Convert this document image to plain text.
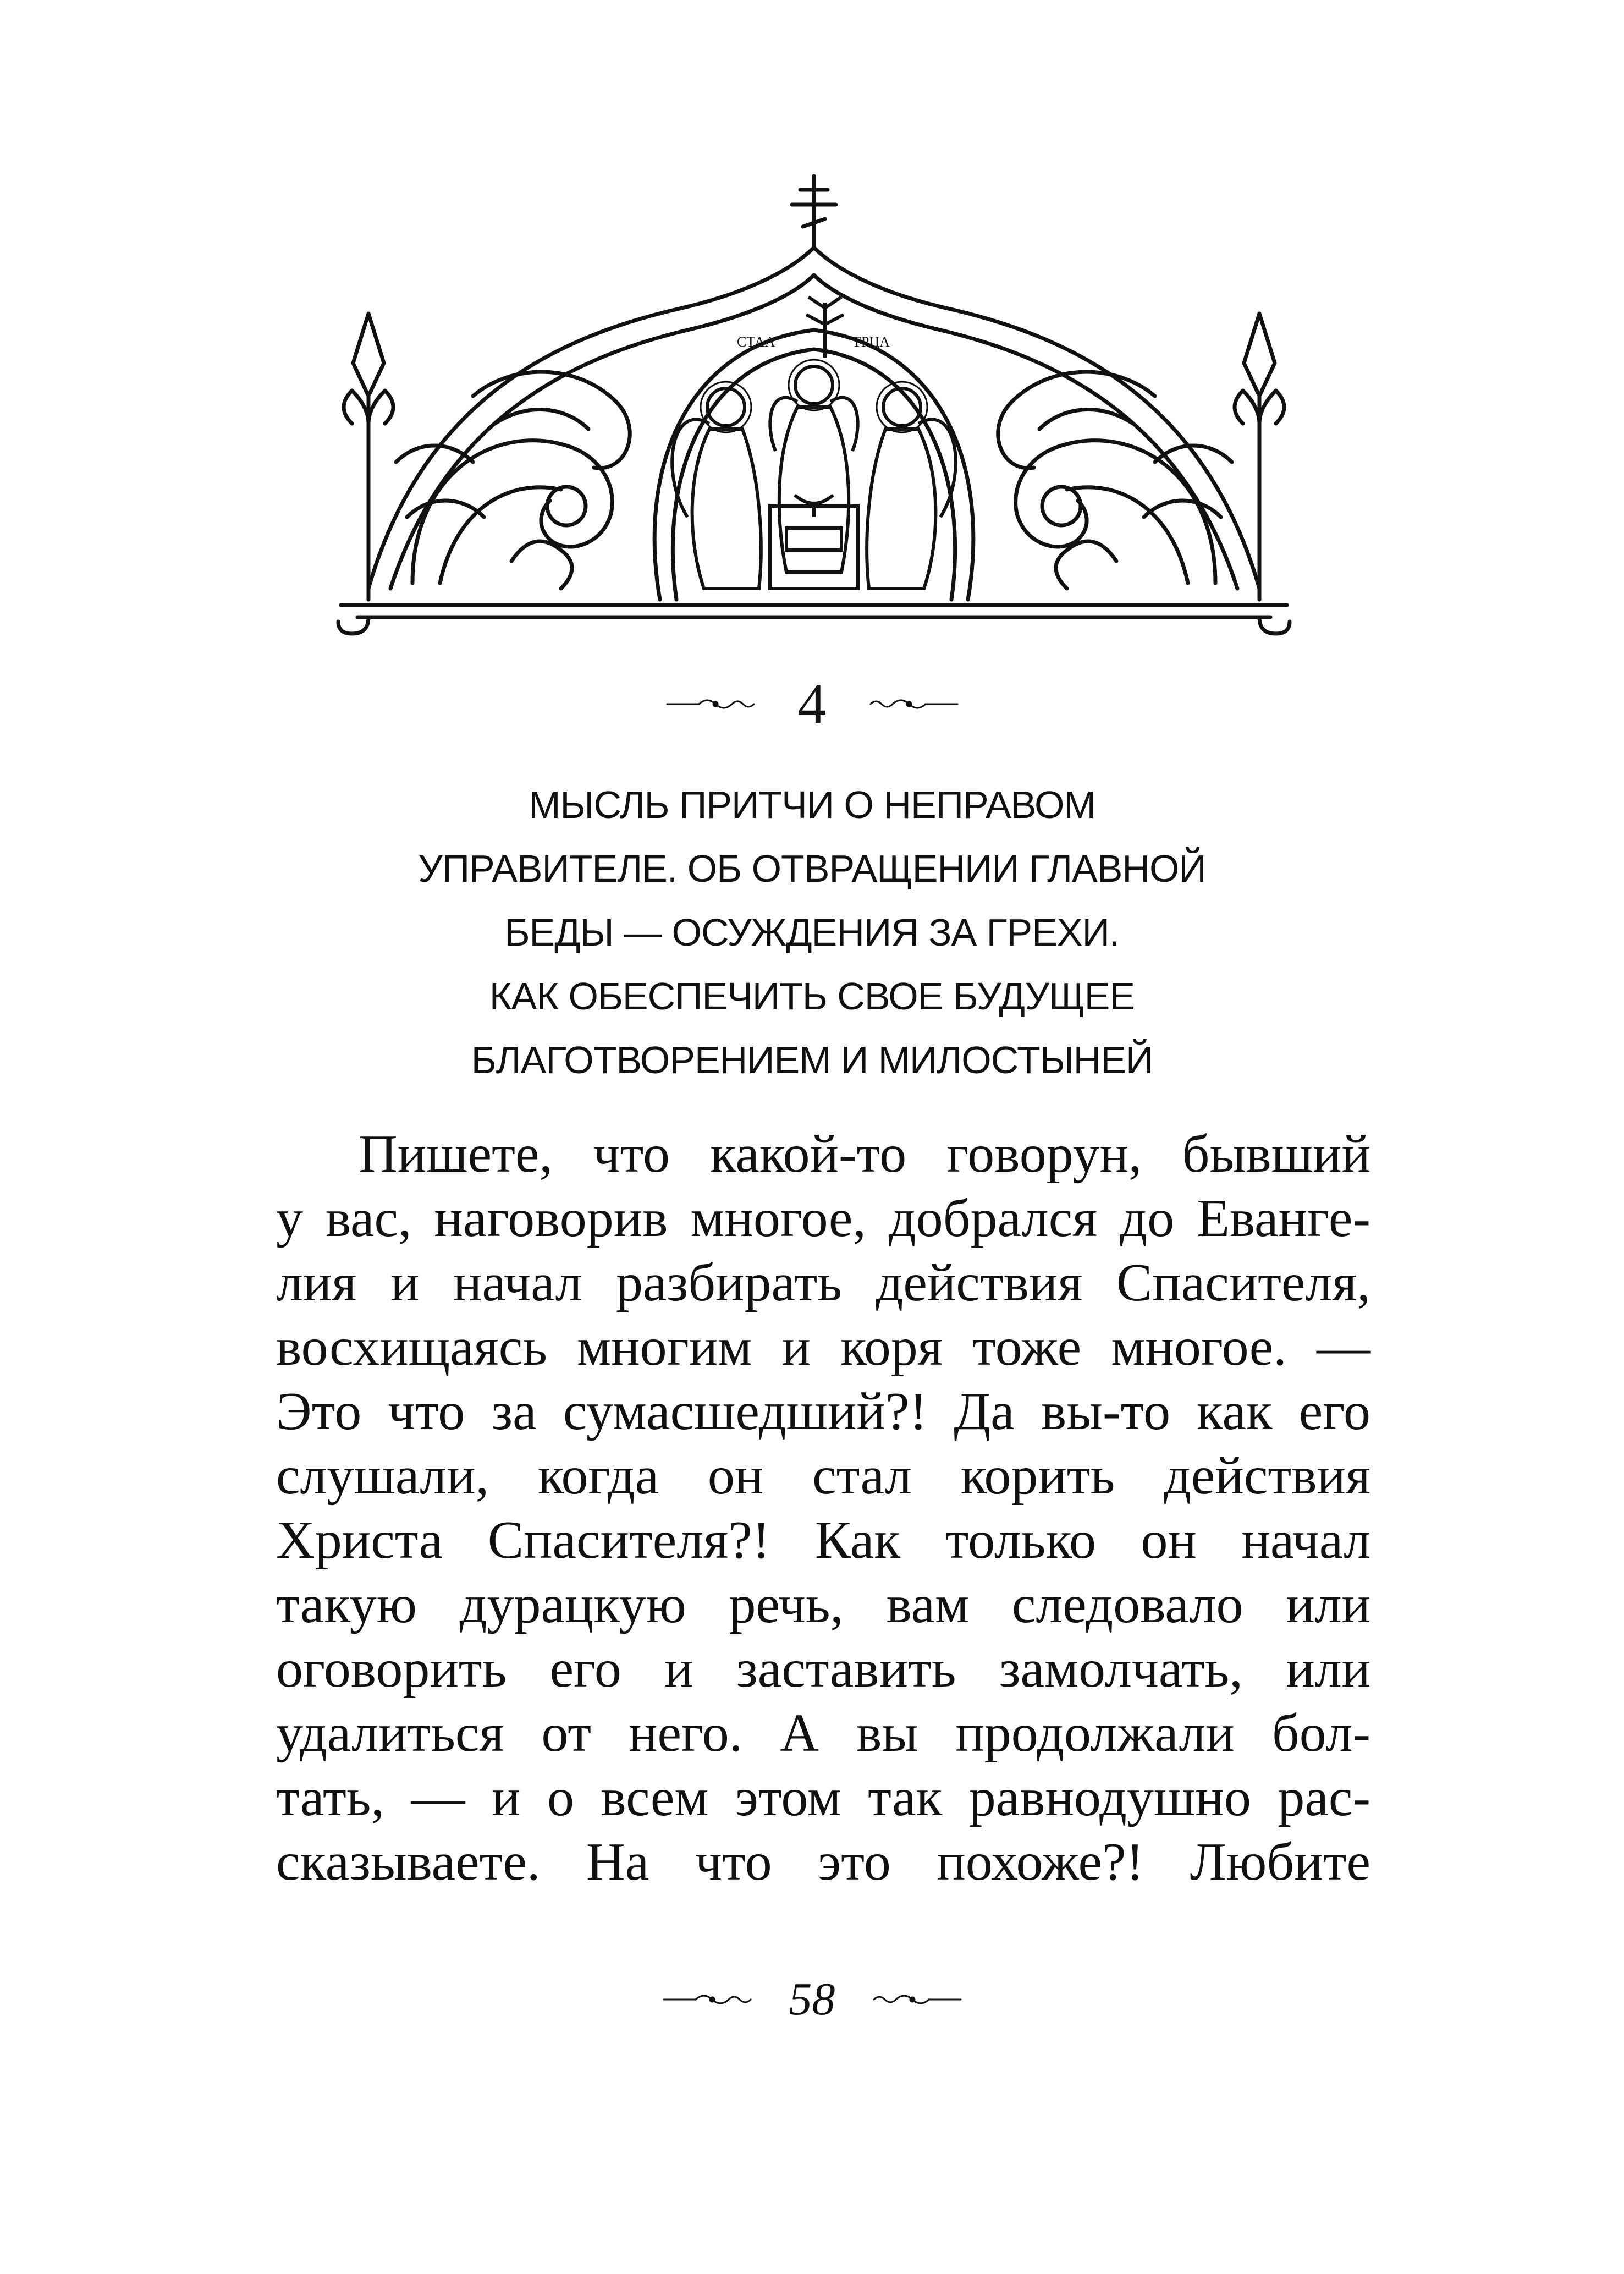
СТАА	ТРЦА
4
МЫСЛЬ ПРИТЧИ О НЕПРАВОМ
УПРАВИТЕЛЕ. ОБ ОТВРАЩЕНИИ ГЛАВНОЙ
БЕДЫ — ОСУЖДЕНИЯ ЗА ГРЕХИ.
КАК ОБЕСПЕЧИТЬ СВОЕ БУДУЩЕЕ
БЛАГОТВОРЕНИЕМ И МИЛОСТЫНЕЙ
Пишете, что какой-то говорун, бывший
у вас, наговорив многое, добрался до Еванге-
лия и начал разбирать действия Спасителя,
восхищаясь многим и коря тоже многое. —
Это что за сумасшедший?! Да вы-то как его
слушали, когда он стал корить действия
Христа Спасителя?! Как только он начал
такую дурацкую речь, вам следовало или
оговорить его и заставить замолчать, или
удалиться от него. А вы продолжали бол-
тать, — и о всем этом так равнодушно рас-
сказываете. На что это похоже?! Любите
58
